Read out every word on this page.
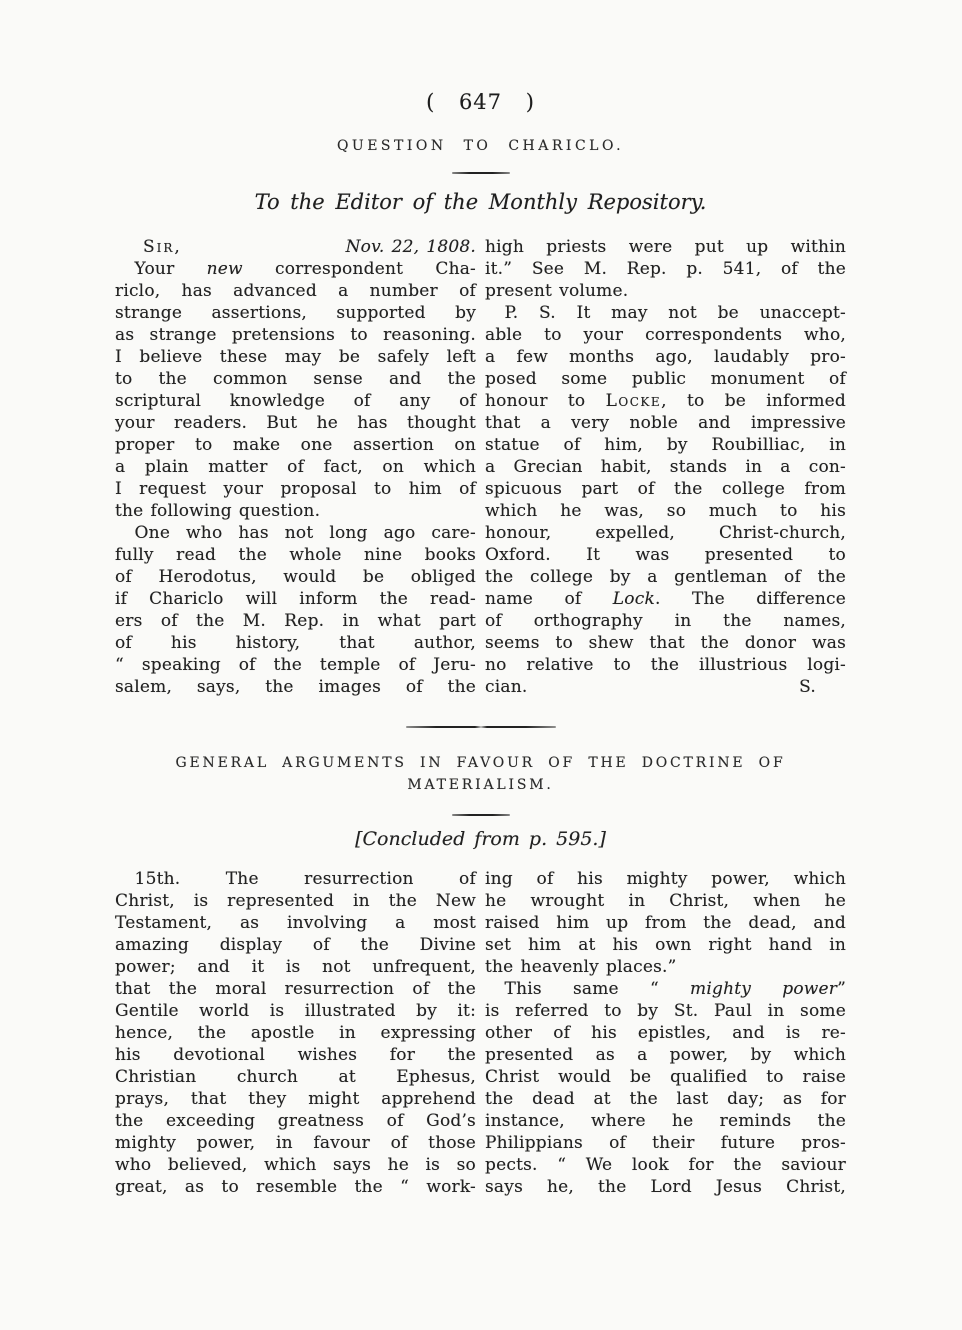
( 647 )
QUESTION TO CHARICLO.
To the Editor of the Monthly Repository.
Sir,	Nov. 22, 1808.
Your new correspondent Cha-
riclo, has advanced a number of
strange assertions, supported by
as strange pretensions to reasoning.
I believe these may be safely left
to the common sense and the
scriptural knowledge of any of
your readers. But he has thought
proper to make one assertion on
a plain matter of fact, on which
I request your proposal to him of
the following question.
One who has not long ago care-
fully read the whole nine books
of Herodotus, would be obliged
if Chariclo will inform the read-
ers of the M. Rep. in what part
of his history, that author,
“ speaking of the temple of Jeru-
salem, says, the images of the
high priests were put up within
it.” See M. Rep. p. 541, of the
present volume.
P. S. It may not be unaccept-
able to your correspondents who,
a few months ago, laudably pro-
posed some public monument of
honour to Locke, to be informed
that a very noble and impressive
statue of him, by Roubilliac, in
a Grecian habit, stands in a con-
spicuous part of the college from
which he was, so much to his
honour, expelled, Christ-church,
Oxford. It was presented to
the college by a gentleman of the
name of Lock. The difference
of orthography in the names,
seems to shew that the donor was
no relative to the illustrious logi-
cian.	S.
GENERAL ARGUMENTS IN FAVOUR OF THE DOCTRINE OF
MATERIALISM.
[Concluded from p. 595.]
15th. The resurrection of
Christ, is represented in the New
Testament, as involving a most
amazing display of the Divine
power; and it is not unfrequent,
that the moral resurrection of the
Gentile world is illustrated by it:
hence, the apostle in expressing
his devotional wishes for the
Christian church at Ephesus,
prays, that they might apprehend
the exceeding greatness of God’s
mighty power, in favour of those
who believed, which says he is so
great, as to resemble the “ work-
ing of his mighty power, which
he wrought in Christ, when he
raised him up from the dead, and
set him at his own right hand in
the heavenly places.”
This same “ mighty power”
is referred to by St. Paul in some
other of his epistles, and is re-
presented as a power, by which
Christ would be qualified to raise
the dead at the last day; as for
instance, where he reminds the
Philippians of their future pros-
pects. “ We look for the saviour
says he, the Lord Jesus Christ,
